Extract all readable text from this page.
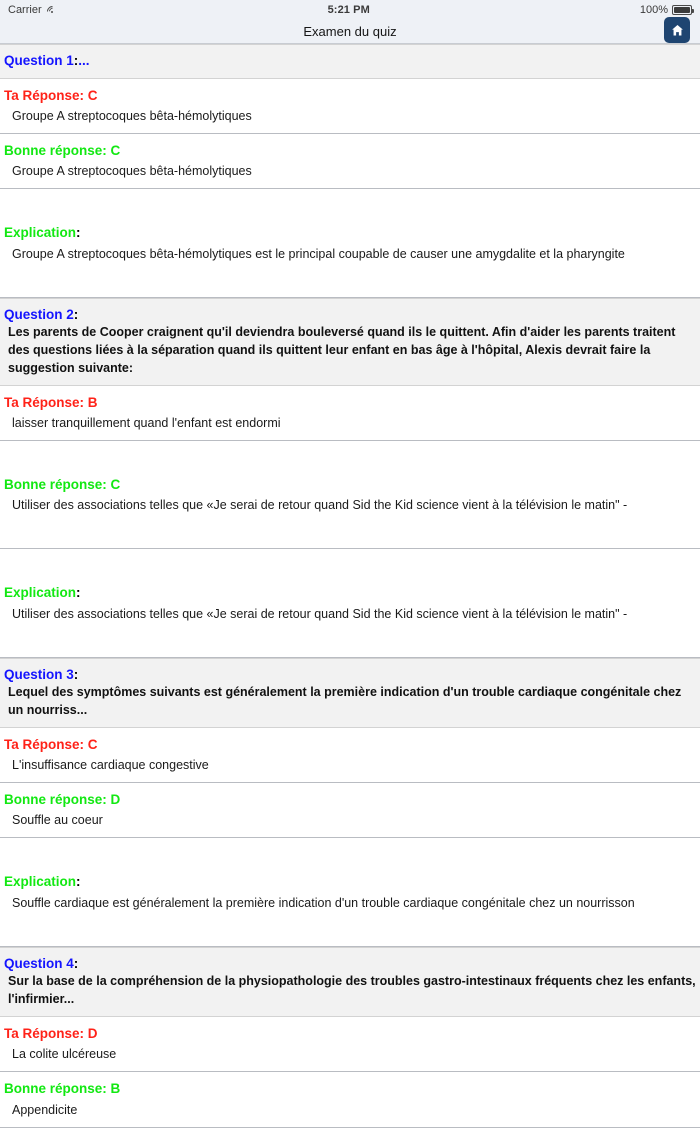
Carrier	5:21 PM	100%
Examen du quiz
Question 1:...
Ta Réponse: C
Groupe A streptocoques bêta-hémolytiques
Bonne réponse: C
Groupe A streptocoques bêta-hémolytiques
Explication:
Groupe A streptocoques bêta-hémolytiques est le principal coupable de causer une amygdalite et la pharyngite
Question 2:
Les parents de Cooper craignent qu'il deviendra bouleversé quand ils le quittent. Afin d'aider les parents traitent des questions liées à la séparation quand ils quittent leur enfant en bas âge à l'hôpital, Alexis devrait faire la suggestion suivante:
Ta Réponse: B
laisser tranquillement quand l'enfant est endormi
Bonne réponse: C
Utiliser des associations telles que «Je serai de retour quand Sid the Kid science vient à la télévision le matin" -
Explication:
Utiliser des associations telles que «Je serai de retour quand Sid the Kid science vient à la télévision le matin" -
Question 3:
Lequel des symptômes suivants est généralement la première indication d'un trouble cardiaque congénitale chez un nourriss...
Ta Réponse: C
L'insuffisance cardiaque congestive
Bonne réponse: D
Souffle au coeur
Explication:
Souffle cardiaque est généralement la première indication d'un trouble cardiaque congénitale chez un nourrisson
Question 4:
Sur la base de la compréhension de la physiopathologie des troubles gastro-intestinaux fréquents chez les enfants, l'infirmier...
Ta Réponse: D
La colite ulcéreuse
Bonne réponse: B
Appendicite
